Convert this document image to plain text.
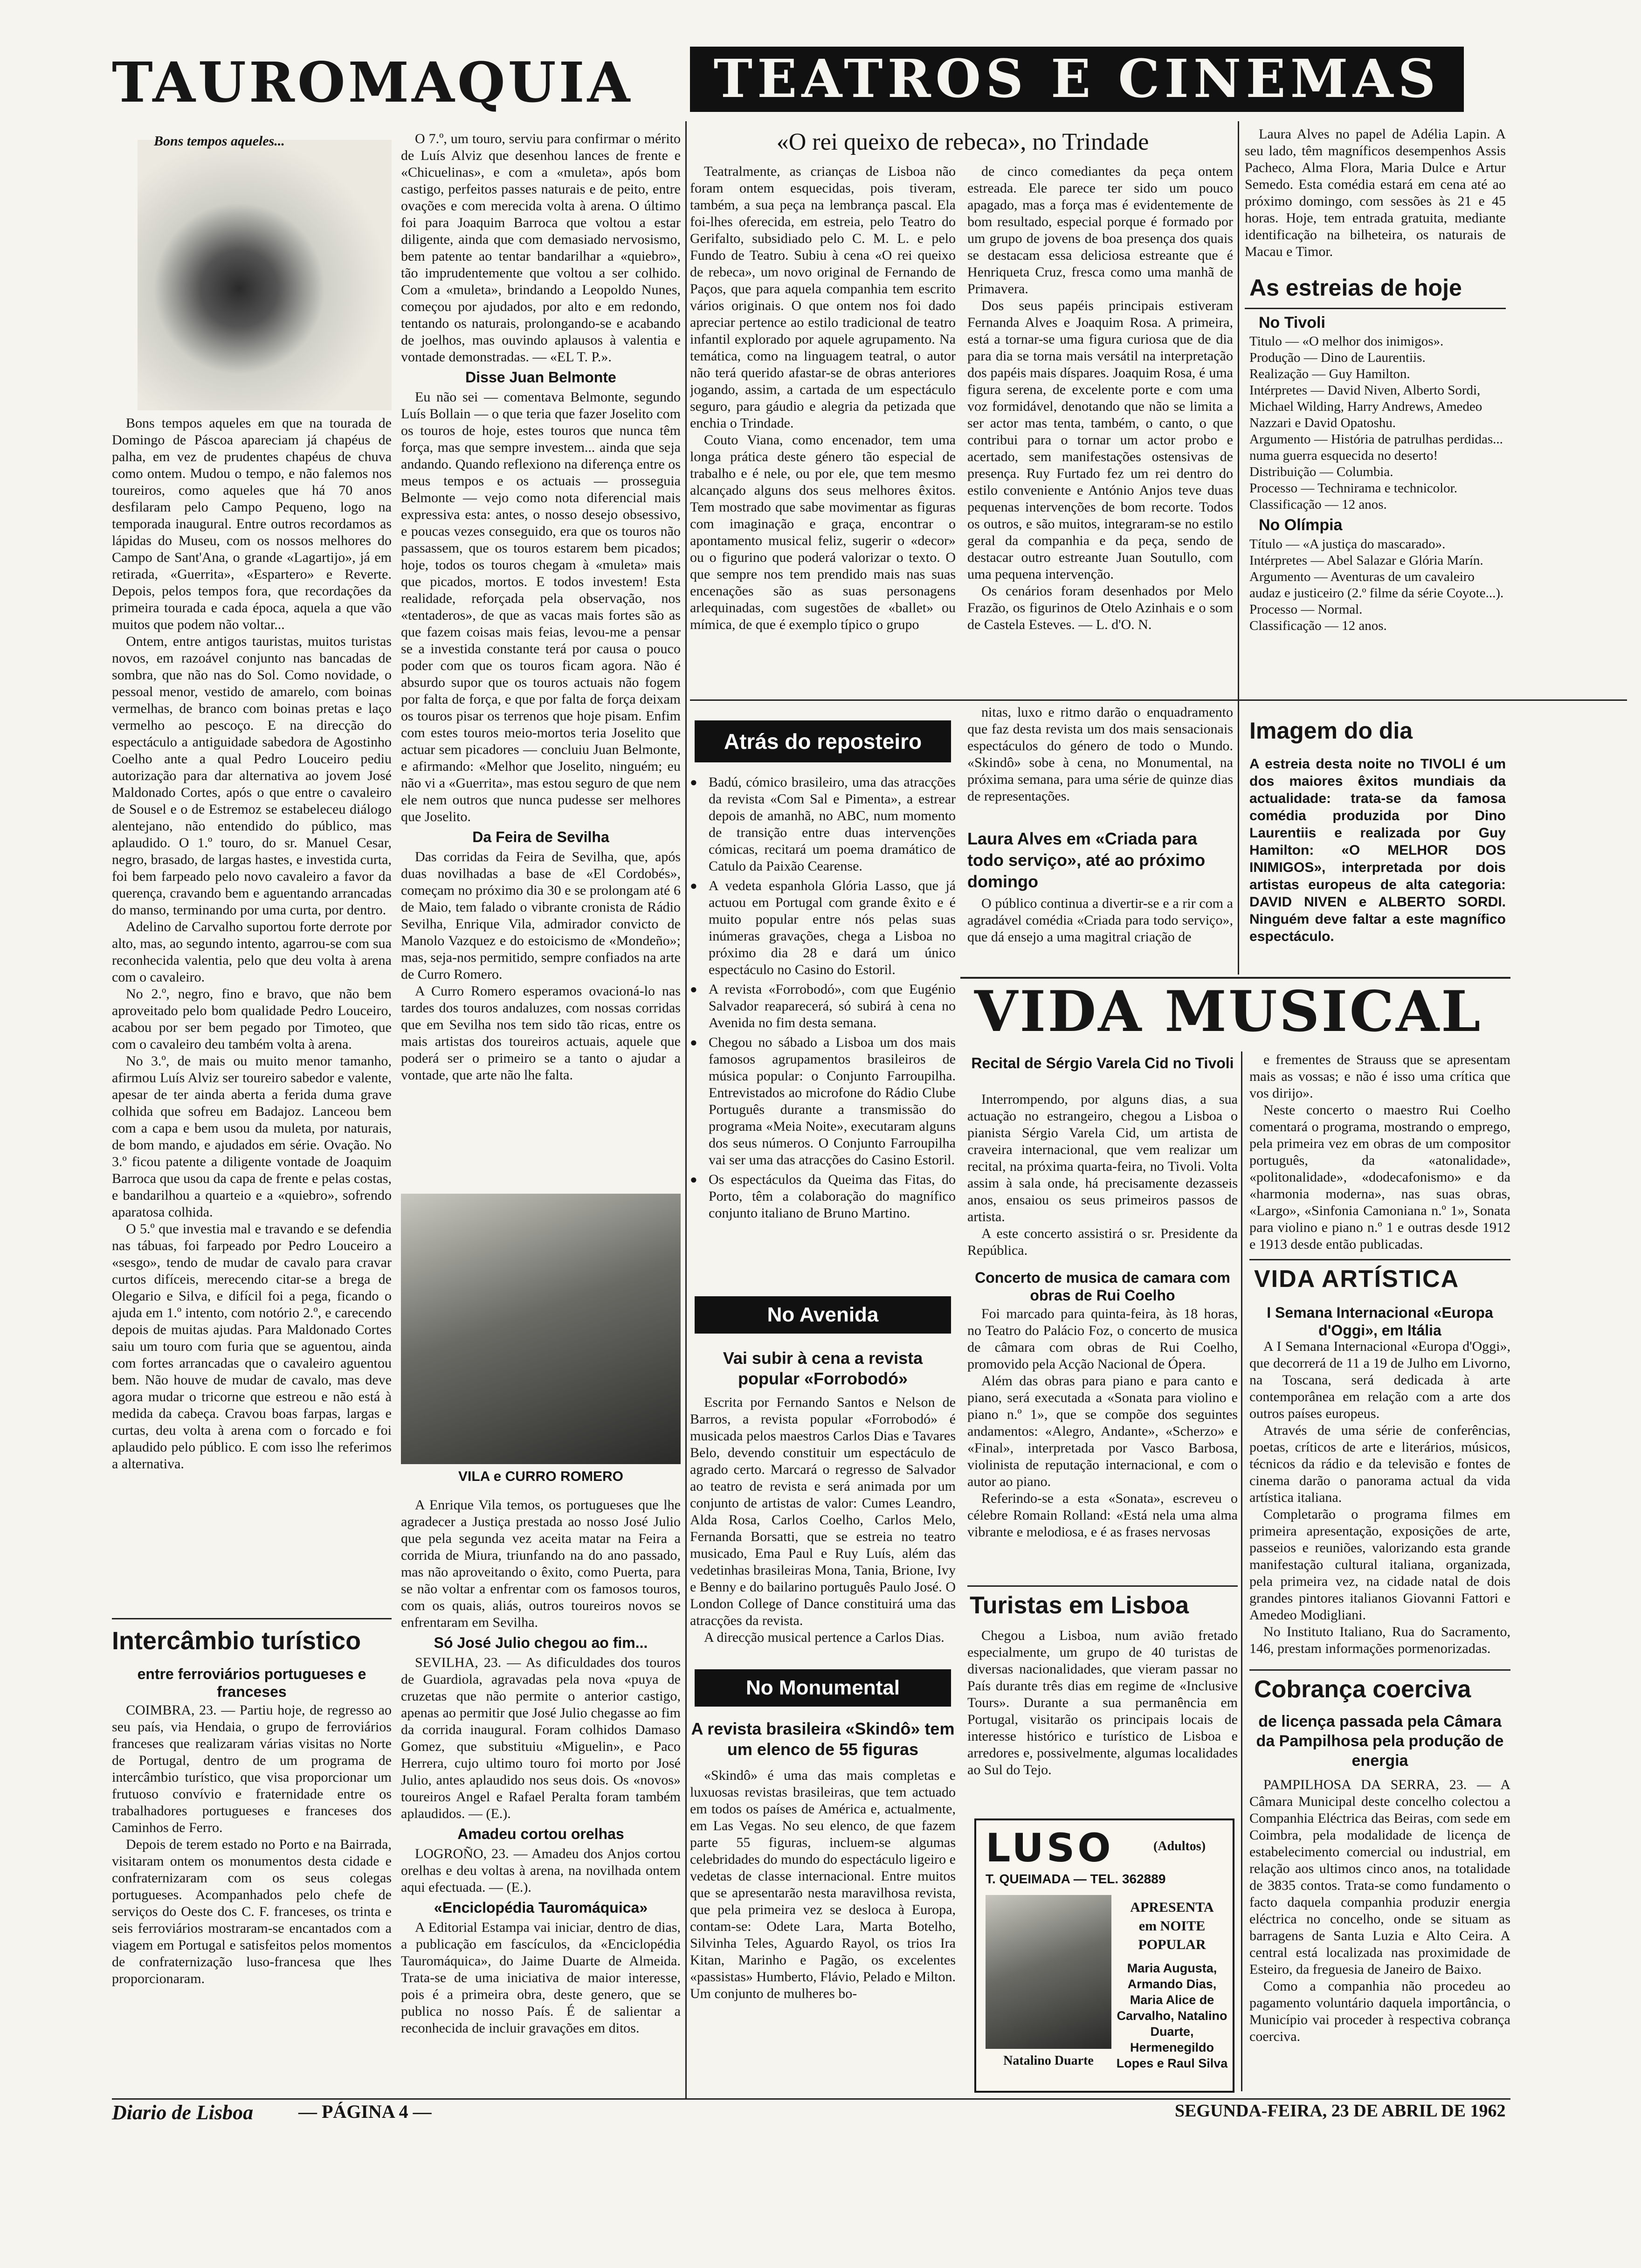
TAUROMAQUIA	TEATROS E CINEMAS
Bons tempos aqueles...

Bons tempos aqueles em que na tourada de Domingo de Páscoa apareciam já chapéus de palha, em vez de prudentes chapéus de chuva como ontem. Mudou o tempo, e não falemos nos toureiros, como aqueles que há 70 anos desfilaram pelo Campo Pequeno, logo na temporada inaugural. Entre outros recordamos as lápidas do Museu, com os nossos melhores do Campo de Sant'Ana, o grande «Lagartijo», já em retirada, «Guerrita», «Espartero» e Reverte. Depois, pelos tempos fora, que recordações da primeira tourada e cada época, aquela a que vão muitos que podem não voltar...

Ontem, entre antigos tauristas, muitos turistas novos, em razoável conjunto nas bancadas de sombra, que não nas do Sol. Como novidade, o pessoal menor, vestido de amarelo, com boinas vermelhas, de branco com boinas pretas e laço vermelho ao pescoço. E na direcção do espectáculo a antiguidade sabedora de Agostinho Coelho ante a qual Pedro Louceiro pediu autorização para dar alternativa ao jovem José Maldonado Cortes, após o que entre o cavaleiro de Sousel e o de Estremoz se estabeleceu diálogo alentejano, não entendido do público, mas aplaudido. O 1.º touro, do sr. Manuel Cesar, negro, brasado, de largas hastes, e investida curta, foi bem farpeado pelo novo cavaleiro a favor da querença, cravando bem e aguentando arrancadas do manso, terminando por uma curta, por dentro.

Adelino de Carvalho suportou forte derrote por alto, mas, ao segundo intento, agarrou-se com sua reconhecida valentia, pelo que deu volta à arena com o cavaleiro.

No 2.º, negro, fino e bravo, que não bem aproveitado pelo bom qualidade Pedro Louceiro, acabou por ser bem pegado por Timoteo, que com o cavaleiro deu também volta à arena.

No 3.º, de mais ou muito menor tamanho, afirmou Luís Alviz ser toureiro sabedor e valente, apesar de ter ainda aberta a ferida duma grave colhida que sofreu em Badajoz. Lanceou bem com a capa e bem usou da muleta, por naturais, de bom mando, e ajudados em série. Ovação. No 3.º ficou patente a diligente vontade de Joaquim Barroca que usou da capa de frente e pelas costas, e bandarilhou a quarteio e a «quiebro», sofrendo aparatosa colhida.

O 5.º que investia mal e travando e se defendia nas tábuas, foi farpeado por Pedro Louceiro a «sesgo», tendo de mudar de cavalo para cravar curtos difíceis, merecendo citar-se a brega de Olegario e Silva, e difícil foi a pega, ficando o ajuda em 1.º intento, com notório 2.º, e carecendo depois de muitas ajudas. Para Maldonado Cortes saiu um touro com furia que se aguentou, ainda com fortes arrancadas que o cavaleiro aguentou bem. Não houve de mudar de cavalo, mas deve agora mudar o tricorne que estreou e não está à medida da cabeça. Cravou boas farpas, largas e curtas, deu volta à arena com o forcado e foi aplaudido pelo público. E com isso lhe referimos a alternativa.

O 7.º, um touro, serviu para confirmar o mérito de Luís Alviz que desenhou lances de frente e «Chicuelinas», e com a «muleta», após bom castigo, perfeitos passes naturais e de peito, entre ovações e com merecida volta à arena. O último foi para Joaquim Barroca que voltou a estar diligente, ainda que com demasiado nervosismo, bem patente ao tentar bandarilhar a «quiebro», tão imprudentemente que voltou a ser colhido. Com a «muleta», brindando a Leopoldo Nunes, começou por ajudados, por alto e em redondo, tentando os naturais, prolongando-se e acabando de joelhos, mas ouvindo aplausos à valentia e vontade demonstradas. — «EL T. P.».

Disse Juan Belmonte

Eu não sei — comentava Belmonte, segundo Luís Bollain — o que teria que fazer Joselito com os touros de hoje, estes touros que nunca têm força, mas que sempre investem... ainda que seja andando. Quando reflexiono na diferença entre os meus tempos e os actuais — prosseguia Belmonte — vejo como nota diferencial mais expressiva esta: antes, o nosso desejo obsessivo, e poucas vezes conseguido, era que os touros não passassem, que os touros estarem bem picados; hoje, todos os touros chegam à «muleta» mais que picados, mortos. E todos investem! Esta realidade, reforçada pela observação, nos «tentaderos», de que as vacas mais fortes são as que fazem coisas mais feias, levou-me a pensar se a investida constante terá por causa o pouco poder com que os touros ficam agora. Não é absurdo supor que os touros actuais não fogem por falta de força, e que por falta de força deixam os touros pisar os terrenos que hoje pisam. Enfim com estes touros meio-mortos teria Joselito que actuar sem picadores — concluiu Juan Belmonte, e afirmando: «Melhor que Joselito, ninguém; eu não vi a «Guerrita», mas estou seguro de que nem ele nem outros que nunca pudesse ser melhores que Joselito.

Da Feira de Sevilha

Das corridas da Feira de Sevilha, que, após duas novilhadas a base de «El Cordobés», começam no próximo dia 30 e se prolongam até 6 de Maio, tem falado o vibrante cronista de Rádio Sevilha, Enrique Vila, admirador convicto de Manolo Vazquez e do estoicismo de «Mondeño»; mas, seja-nos permitido, sempre confiados na arte de Curro Romero.

A Curro Romero esperamos ovacioná-lo nas tardes dos touros andaluzes, com nossas corridas que em Sevilha nos tem sido tão ricas, entre os mais artistas dos toureiros actuais, aquele que poderá ser o primeiro se a tanto o ajudar a vontade, que arte não lhe falta.

VILA e CURRO ROMERO

A Enrique Vila temos, os portugueses que lhe agradecer a Justiça prestada ao nosso José Julio que pela segunda vez aceita matar na Feira a corrida de Miura, triunfando na do ano passado, mas não aproveitando o êxito, como Puerta, para se não voltar a enfrentar com os famosos touros, com os quais, aliás, outros toureiros novos se enfrentaram em Sevilha.

Só José Julio chegou ao fim...

SEVILHA, 23. — As dificuldades dos touros de Guardiola, agravadas pela nova «puya de cruzetas que não permite o anterior castigo, apenas ao permitir que José Julio chegasse ao fim da corrida inaugural. Foram colhidos Damaso Gomez, que substituiu «Miguelin», e Paco Herrera, cujo ultimo touro foi morto por José Julio, antes aplaudido nos seus dois. Os «novos» toureiros Angel e Rafael Peralta foram também aplaudidos. — (E.).

Amadeu cortou orelhas

LOGROÑO, 23. — Amadeu dos Anjos cortou orelhas e deu voltas à arena, na novilhada ontem aqui efectuada. — (E.).

«Enciclopédia Tauromáquica»

A Editorial Estampa vai iniciar, dentro de dias, a publicação em fascículos, da «Enciclopédia Tauromáquica», do Jaime Duarte de Almeida. Trata-se de uma iniciativa de maior interesse, pois é a primeira obra, deste genero, que se publica no nosso País. É de salientar a reconhecida de incluir gravações em ditos.

Intercâmbio turístico
entre ferroviários portugueses e franceses

COIMBRA, 23. — Partiu hoje, de regresso ao seu país, via Hendaia, o grupo de ferroviários franceses que realizaram várias visitas no Norte de Portugal, dentro de um programa de intercâmbio turístico, que visa proporcionar um frutuoso convívio e fraternidade entre os trabalhadores portugueses e franceses dos Caminhos de Ferro.

Depois de terem estado no Porto e na Bairrada, visitaram ontem os monumentos desta cidade e confraternizaram com os seus colegas portugueses. Acompanhados pelo chefe de serviços do Oeste dos C. F. franceses, os trinta e seis ferroviários mostraram-se encantados com a viagem em Portugal e satisfeitos pelos momentos de confraternização luso-francesa que lhes proporcionaram.

«O rei queixo de rebeca», no Trindade

Teatralmente, as crianças de Lisboa não foram ontem esquecidas, pois tiveram, também, a sua peça na lembrança pascal. Ela foi-lhes oferecida, em estreia, pelo Teatro do Gerifalto, subsidiado pelo C. M. L. e pelo Fundo de Teatro. Subiu à cena «O rei queixo de rebeca», um novo original de Fernando de Paços, que para aquela companhia tem escrito vários originais. O que ontem nos foi dado apreciar pertence ao estilo tradicional de teatro infantil explorado por aquele agrupamento. Na temática, como na linguagem teatral, o autor não terá querido afastar-se de obras anteriores jogando, assim, a cartada de um espectáculo seguro, para gáudio e alegria da petizada que enchia o Trindade.

Couto Viana, como encenador, tem uma longa prática deste género tão especial de trabalho e é nele, ou por ele, que tem mesmo alcançado alguns dos seus melhores êxitos. Tem mostrado que sabe movimentar as figuras com imaginação e graça, encontrar o apontamento musical feliz, sugerir o «decor» ou o figurino que poderá valorizar o texto. O que sempre nos tem prendido mais nas suas encenações são as suas personagens arlequinadas, com sugestões de «ballet» ou mímica, de que é exemplo típico o grupo

de cinco comediantes da peça ontem estreada. Ele parece ter sido um pouco apagado, mas a força mas é evidentemente de bom resultado, especial porque é formado por um grupo de jovens de boa presença dos quais se destacam essa deliciosa estreante que é Henriqueta Cruz, fresca como uma manhã de Primavera.

Dos seus papéis principais estiveram Fernanda Alves e Joaquim Rosa. A primeira, está a tornar-se uma figura curiosa que de dia para dia se torna mais versátil na interpretação dos papéis mais díspares. Joaquim Rosa, é uma figura serena, de excelente porte e com uma voz formidável, denotando que não se limita a ser actor mas tenta, também, o canto, o que contribui para o tornar um actor probo e acertado, sem manifestações ostensivas de presença. Ruy Furtado fez um rei dentro do estilo conveniente e António Anjos teve duas pequenas intervenções de bom recorte. Todos os outros, e são muitos, integraram-se no estilo geral da companhia e da peça, sendo de destacar outro estreante Juan Soutullo, com uma pequena intervenção.

Os cenários foram desenhados por Melo Frazão, os figurinos de Otelo Azinhais e o som de Castela Esteves. — L. d'O. N.

Atrás do reposteiro
● Badú, cómico brasileiro, uma das atracções da revista «Com Sal e Pimenta», a estrear depois de amanhã, no ABC, num momento de transição entre duas intervenções cómicas, recitará um poema dramático de Catulo da Paixão Cearense.
● A vedeta espanhola Glória Lasso, que já actuou em Portugal com grande êxito e é muito popular entre nós pelas suas inúmeras gravações, chega a Lisboa no próximo dia 28 e dará um único espectáculo no Casino do Estoril.
● A revista «Forrobodó», com que Eugénio Salvador reaparecerá, só subirá à cena no Avenida no fim desta semana.
● Chegou no sábado a Lisboa um dos mais famosos agrupamentos brasileiros de música popular: o Conjunto Farroupilha. Entrevistados ao microfone do Rádio Clube Português durante a transmissão do programa «Meia Noite», executaram alguns dos seus números. O Conjunto Farroupilha vai ser uma das atracções do Casino Estoril.
● Os espectáculos da Queima das Fitas, do Porto, têm a colaboração do magnífico conjunto italiano de Bruno Martino.
No Avenida
Vai subir à cena a revista popular «Forrobodó»

Escrita por Fernando Santos e Nelson de Barros, a revista popular «Forrobodó» é musicada pelos maestros Carlos Dias e Tavares Belo, devendo constituir um espectáculo de agrado certo. Marcará o regresso de Salvador ao teatro de revista e será animada por um conjunto de artistas de valor: Cumes Leandro, Alda Rosa, Carlos Coelho, Carlos Melo, Fernanda Borsatti, que se estreia no teatro musicado, Ema Paul e Ruy Luís, além das vedetinhas brasileiras Mona, Tania, Brione, Ivy e Benny e do bailarino português Paulo José. O London College of Dance constituirá uma das atracções da revista.

A direcção musical pertence a Carlos Dias.

No Monumental
A revista brasileira «Skindô» tem um elenco de 55 figuras

«Skindô» é uma das mais completas e luxuosas revistas brasileiras, que tem actuado em todos os países de América e, actualmente, em Las Vegas. No seu elenco, de que fazem parte 55 figuras, incluem-se algumas celebridades do mundo do espectáculo ligeiro e vedetas de classe internacional. Entre muitos que se apresentarão nesta maravilhosa revista, que pela primeira vez se desloca à Europa, contam-se: Odete Lara, Marta Botelho, Silvinha Teles, Aguardo Rayol, os trios Ira Kitan, Marinho e Pagão, os excelentes «passistas» Humberto, Flávio, Pelado e Milton. Um conjunto de mulheres bo-

nitas, luxo e ritmo darão o enquadramento que faz desta revista um dos mais sensacionais espectáculos do género de todo o Mundo. «Skindô» sobe à cena, no Monumental, na próxima semana, para uma série de quinze dias de representações.

Laura Alves em «Criada para todo serviço», até ao próximo domingo

O público continua a divertir-se e a rir com a agradável comédia «Criada para todo serviço», que dá ensejo a uma magitral criação de

Laura Alves no papel de Adélia Lapin. A seu lado, têm magníficos desempenhos Assis Pacheco, Alma Flora, Maria Dulce e Artur Semedo. Esta comédia estará em cena até ao próximo domingo, com sessões às 21 e 45 horas. Hoje, tem entrada gratuita, mediante identificação na bilheteira, os naturais de Macau e Timor.

As estreias de hoje
No Tivoli
Titulo — «O melhor dos inimigos».
Produção — Dino de Laurentiis.
Realização — Guy Hamilton.
Intérpretes — David Niven, Alberto Sordi, Michael Wilding, Harry Andrews, Amedeo Nazzari e David Opatoshu.
Argumento — História de patrulhas perdidas... numa guerra esquecida no deserto!
Distribuição — Columbia.
Processo — Technirama e technicolor.
Classificação — 12 anos.
No Olímpia
Título — «A justiça do mascarado».
Intérpretes — Abel Salazar e Glória Marín.
Argumento — Aventuras de um cavaleiro audaz e justiceiro (2.º filme da série Coyote...).
Processo — Normal.
Classificação — 12 anos.
Imagem do dia
A estreia desta noite no TIVOLI é um dos maiores êxitos mundiais da actualidade: trata-se da famosa comédia produzida por Dino Laurentiis e realizada por Guy Hamilton: «O MELHOR DOS INIMIGOS», interpretada por dois artistas europeus de alta categoria: DAVID NIVEN e ALBERTO SORDI. Ninguém deve faltar a este magnífico espectáculo.
VIDA MUSICAL
Recital de Sérgio Varela Cid no Tivoli

Interrompendo, por alguns dias, a sua actuação no estrangeiro, chegou a Lisboa o pianista Sérgio Varela Cid, um artista de craveira internacional, que vem realizar um recital, na próxima quarta-feira, no Tivoli. Volta assim à sala onde, há precisamente dezasseis anos, ensaiou os seus primeiros passos de artista.

A este concerto assistirá o sr. Presidente da República.

Concerto de musica de camara com obras de Rui Coelho

Foi marcado para quinta-feira, às 18 horas, no Teatro do Palácio Foz, o concerto de musica de câmara com obras de Rui Coelho, promovido pela Acção Nacional de Ópera.

Além das obras para piano e para canto e piano, será executada a «Sonata para violino e piano n.º 1», que se compõe dos seguintes andamentos: «Alegro, Andante», «Scherzo» e «Final», interpretada por Vasco Barbosa, violinista de reputação internacional, e com o autor ao piano.

Referindo-se a esta «Sonata», escreveu o célebre Romain Rolland: «Está nela uma alma vibrante e melodiosa, e é as frases nervosas

e frementes de Strauss que se apresentam mais as vossas; e não é isso uma crítica que vos dirijo».

Neste concerto o maestro Rui Coelho comentará o programa, mostrando o emprego, pela primeira vez em obras de um compositor português, da «atonalidade», «politonalidade», «dodecafonismo» e da «harmonia moderna», nas suas obras, «Largo», «Sinfonia Camoniana n.º 1», Sonata para violino e piano n.º 1 e outras desde 1912 e 1913 desde então publicadas.

Turistas em Lisboa

Chegou a Lisboa, num avião fretado especialmente, um grupo de 40 turistas de diversas nacionalidades, que vieram passar no País durante três dias em regime de «Inclusive Tours». Durante a sua permanência em Portugal, visitarão os principais locais de interesse histórico e turístico de Lisboa e arredores e, possivelmente, algumas localidades ao Sul do Tejo.

LUSO	(Adultos)
T. QUEIMADA — TEL. 362889
Natalino Duarte
APRESENTA
em NOITE
POPULAR
Maria Augusta, Armando Dias, Maria Alice de Carvalho, Natalino Duarte, Hermenegildo Lopes e Raul Silva
VIDA ARTÍSTICA
I Semana Internacional «Europa d'Oggi», em Itália

A I Semana Internacional «Europa d'Oggi», que decorrerá de 11 a 19 de Julho em Livorno, na Toscana, será dedicada à arte contemporânea em relação com a arte dos outros países europeus.

Através de uma série de conferências, poetas, críticos de arte e literários, músicos, técnicos da rádio e da televisão e fontes de cinema darão o panorama actual da vida artística italiana.

Completarão o programa filmes em primeira apresentação, exposições de arte, passeios e reuniões, valorizando esta grande manifestação cultural italiana, organizada, pela primeira vez, na cidade natal de dois grandes pintores italianos Giovanni Fattori e Amedeo Modigliani.

No Instituto Italiano, Rua do Sacramento, 146, prestam informações pormenorizadas.

Cobrança coerciva
de licença passada pela Câmara da Pampilhosa pela produção de energia

PAMPILHOSA DA SERRA, 23. — A Câmara Municipal deste concelho colectou a Companhia Eléctrica das Beiras, com sede em Coimbra, pela modalidade de licença de estabelecimento comercial ou industrial, em relação aos ultimos cinco anos, na totalidade de 3835 contos. Trata-se como fundamento o facto daquela companhia produzir energia eléctrica no concelho, onde se situam as barragens de Santa Luzia e Alto Ceira. A central está localizada nas proximidade de Esteiro, da freguesia de Janeiro de Baixo.

Como a companhia não procedeu ao pagamento voluntário daquela importância, o Município vai proceder à respectiva cobrança coerciva.

Diario de Lisboa — PÁGINA 4 —	SEGUNDA-FEIRA, 23 DE ABRIL DE 1962
